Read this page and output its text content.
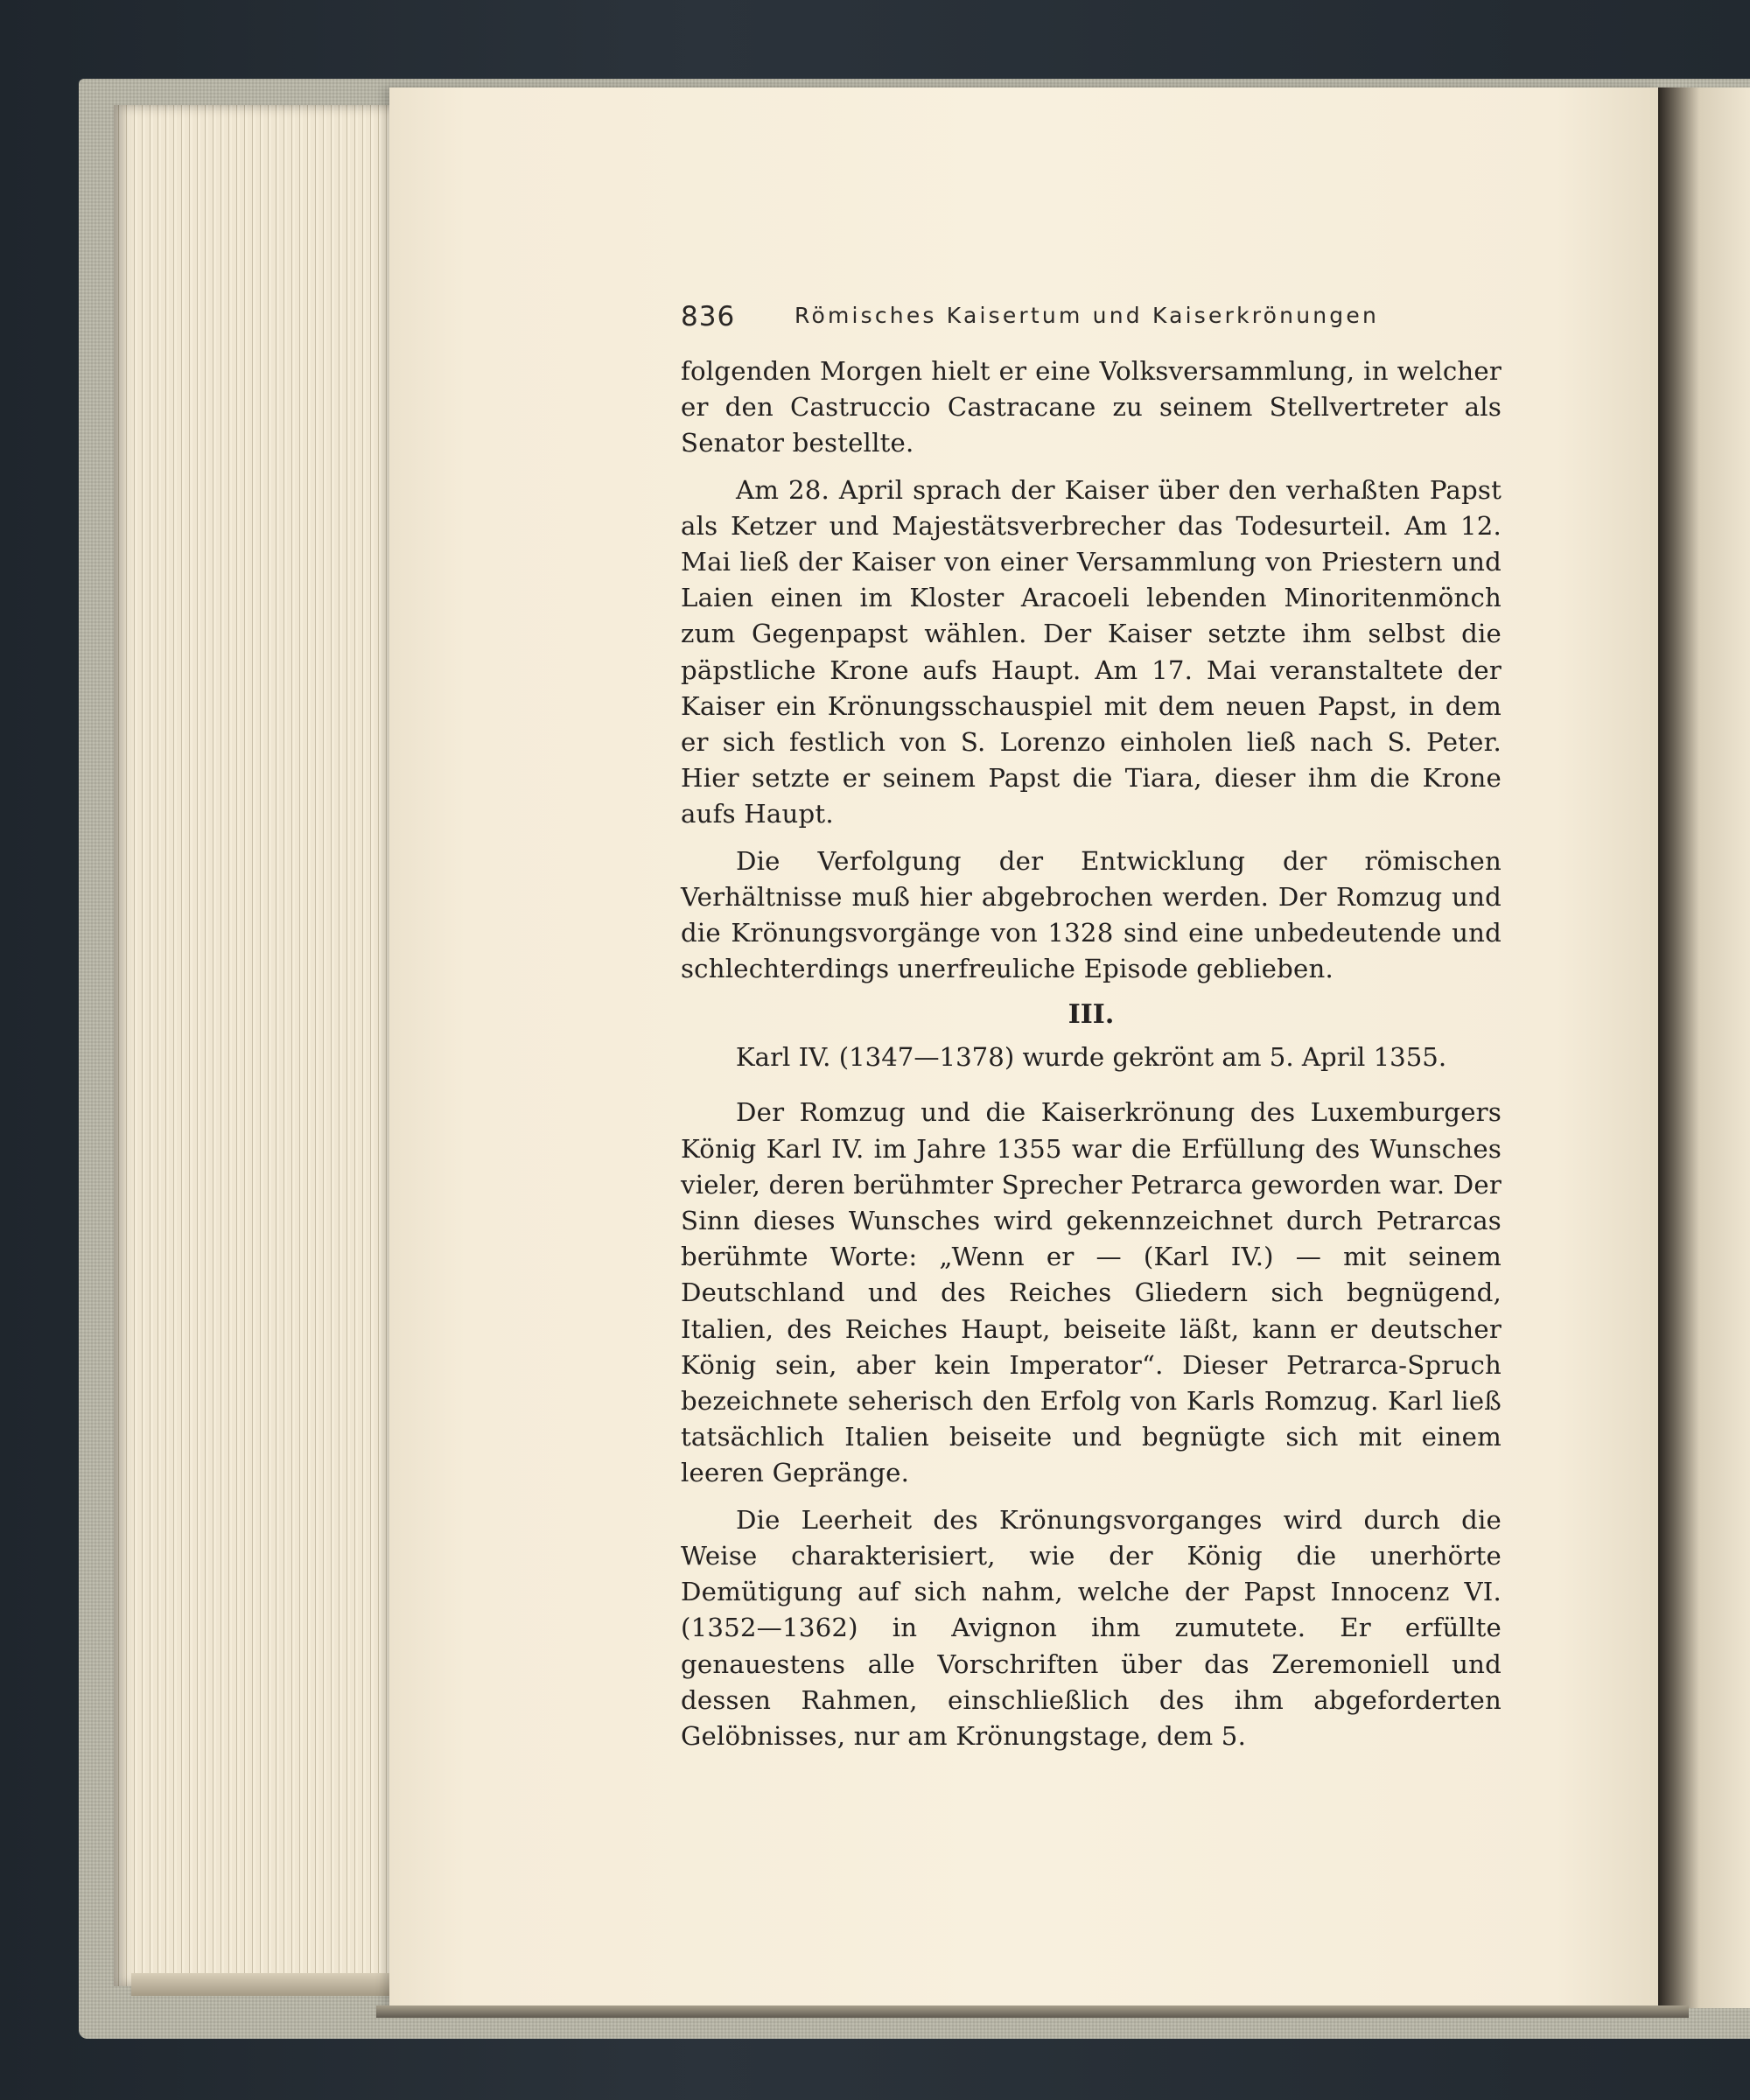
836	Römisches Kaisertum und Kaiserkrönungen

folgenden Morgen hielt er eine Volksversammlung, in welcher er den Castruccio Castracane zu seinem Stellvertreter als Senator bestellte.

Am 28. April sprach der Kaiser über den verhaßten Papst als Ketzer und Majestätsverbrecher das Todesurteil. Am 12. Mai ließ der Kaiser von einer Versammlung von Priestern und Laien einen im Kloster Aracoeli lebenden Minoritenmönch zum Gegenpapst wählen. Der Kaiser setzte ihm selbst die päpstliche Krone aufs Haupt. Am 17. Mai veranstaltete der Kaiser ein Krönungsschauspiel mit dem neuen Papst, in dem er sich festlich von S. Lorenzo einholen ließ nach S. Peter. Hier setzte er seinem Papst die Tiara, dieser ihm die Krone aufs Haupt.

Die Verfolgung der Entwicklung der römischen Verhältnisse muß hier abgebrochen werden. Der Romzug und die Krönungsvorgänge von 1328 sind eine unbedeutende und schlechterdings unerfreuliche Episode geblieben.

III.
Karl IV. (1347—1378) wurde gekrönt am 5. April 1355.

Der Romzug und die Kaiserkrönung des Luxemburgers König Karl IV. im Jahre 1355 war die Erfüllung des Wunsches vieler, deren berühmter Sprecher Petrarca geworden war. Der Sinn dieses Wunsches wird gekennzeichnet durch Petrarcas berühmte Worte: „Wenn er — (Karl IV.) — mit seinem Deutschland und des Reiches Gliedern sich begnügend, Italien, des Reiches Haupt, beiseite läßt, kann er deutscher König sein, aber kein Imperator“. Dieser Petrarca-Spruch bezeichnete seherisch den Erfolg von Karls Romzug. Karl ließ tatsächlich Italien beiseite und begnügte sich mit einem leeren Gepränge.

Die Leerheit des Krönungsvorganges wird durch die Weise charakterisiert, wie der König die unerhörte Demütigung auf sich nahm, welche der Papst Innocenz VI. (1352—1362) in Avignon ihm zumutete. Er erfüllte genauestens alle Vorschriften über das Zeremoniell und dessen Rahmen, einschließlich des ihm abgeforderten Gelöbnisses, nur am Krönungstage, dem 5.
